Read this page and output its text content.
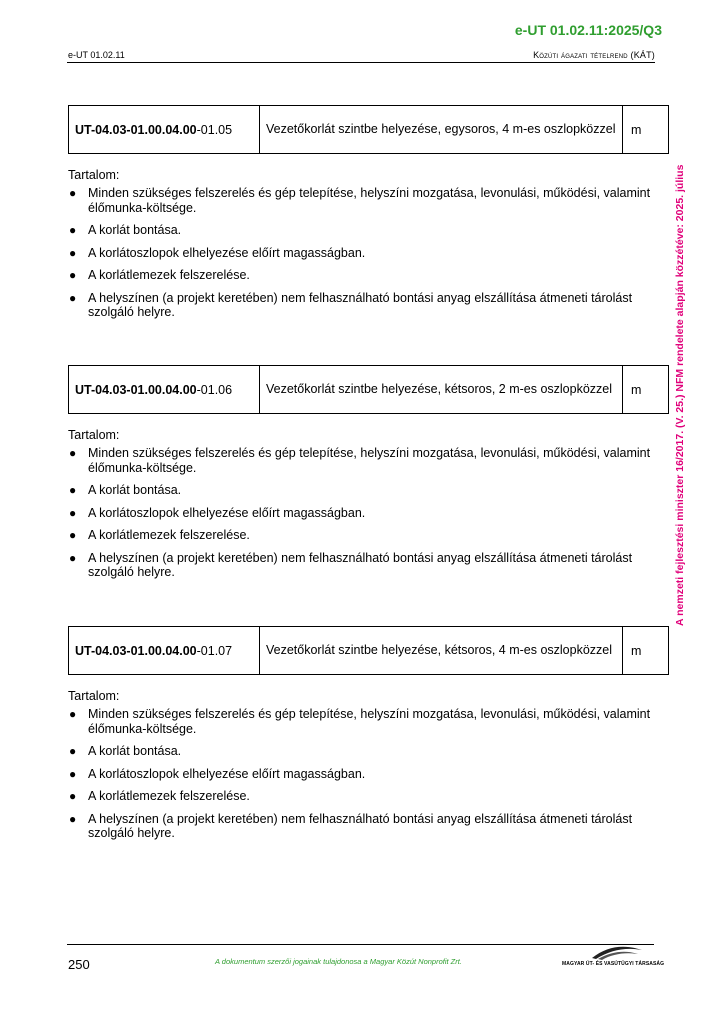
e-UT 01.02.11:2025/Q3
e-UT 01.02.11	Közúti ágazati tételrend (KÁT)
A nemzeti fejlesztési miniszter 16/2017. (V. 25.) NFM rendelete alapján közzétéve: 2025. július
UT-04.03-01.00.04.00-01.05	Vezetőkorlát szintbe helyezése, egysoros, 4 m-es oszlopközzel	m
Tartalom:
● Minden szükséges felszerelés és gép telepítése, helyszíni mozgatása, levonulási, működési, valamint élőmunka-költsége.
● A korlát bontása.
● A korlátoszlopok elhelyezése előírt magasságban.
● A korlátlemezek felszerelése.
● A helyszínen (a projekt keretében) nem felhasználható bontási anyag elszállítása átmeneti tárolást szolgáló helyre.
UT-04.03-01.00.04.00-01.06	Vezetőkorlát szintbe helyezése, kétsoros, 2 m-es oszlopközzel	m
Tartalom:
● Minden szükséges felszerelés és gép telepítése, helyszíni mozgatása, levonulási, működési, valamint élőmunka-költsége.
● A korlát bontása.
● A korlátoszlopok elhelyezése előírt magasságban.
● A korlátlemezek felszerelése.
● A helyszínen (a projekt keretében) nem felhasználható bontási anyag elszállítása átmeneti tárolást szolgáló helyre.
UT-04.03-01.00.04.00-01.07	Vezetőkorlát szintbe helyezése, kétsoros, 4 m-es oszlopközzel	m
Tartalom:
● Minden szükséges felszerelés és gép telepítése, helyszíni mozgatása, levonulási, működési, valamint élőmunka-költsége.
● A korlát bontása.
● A korlátoszlopok elhelyezése előírt magasságban.
● A korlátlemezek felszerelése.
● A helyszínen (a projekt keretében) nem felhasználható bontási anyag elszállítása átmeneti tárolást szolgáló helyre.
250	A dokumentum szerzői jogainak tulajdonosa a Magyar Közút Nonprofit Zrt.	MAGYAR ÚT- ÉS VASÚTÜGYI TÁRSASÁG
